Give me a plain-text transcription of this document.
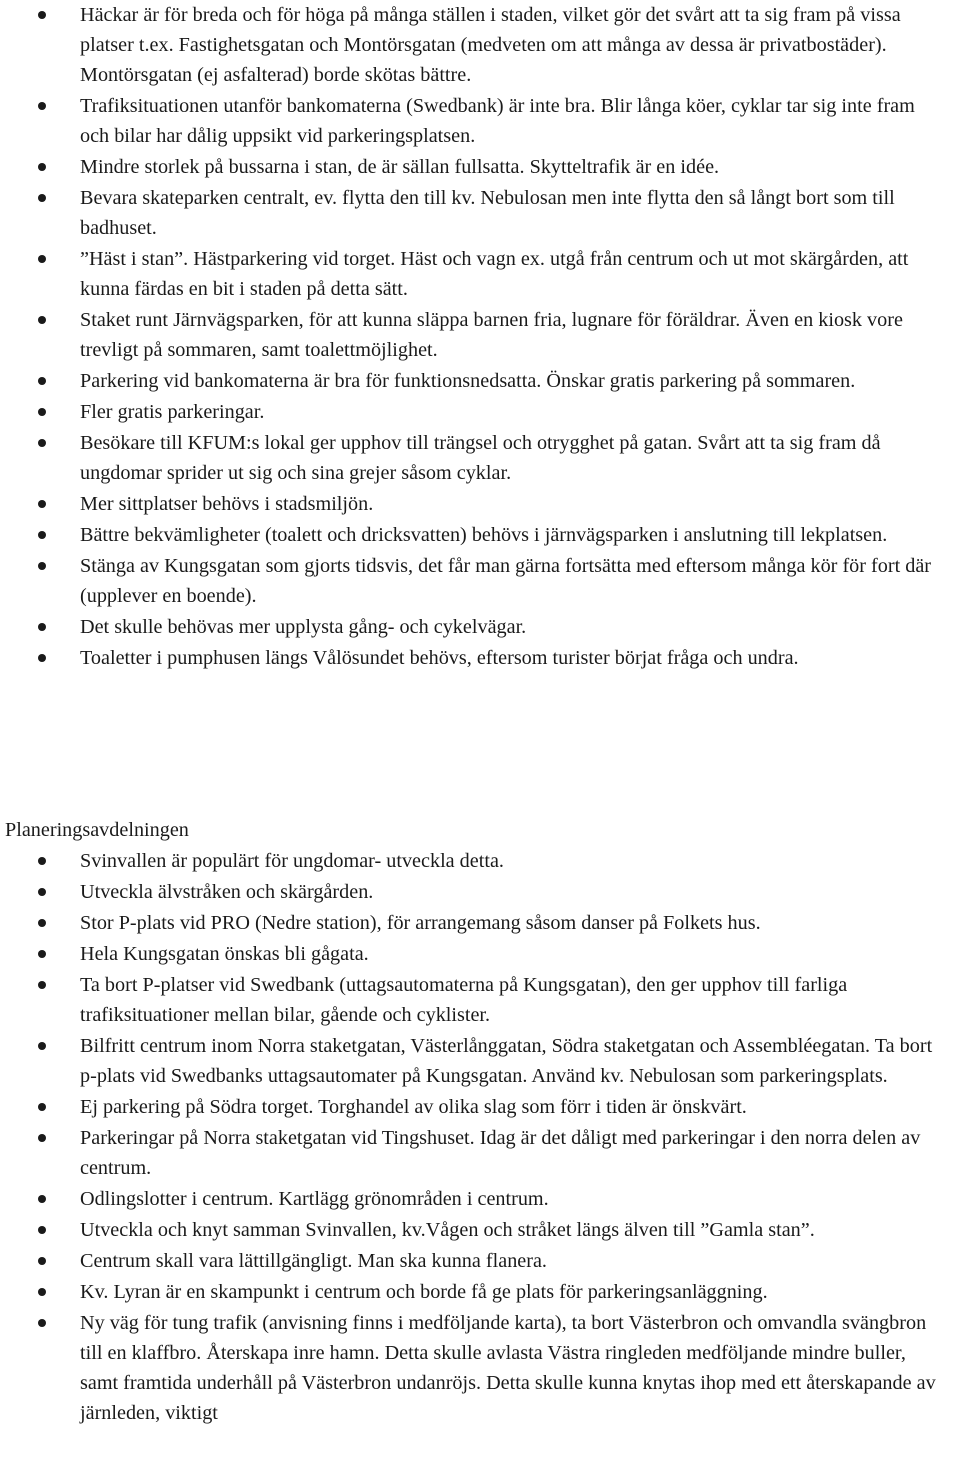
Häckar är för breda och för höga på många ställen i staden, vilket gör det svårt att ta sig fram på vissa platser t.ex. Fastighetsgatan och Montörsgatan (medveten om att många av dessa är privatbostäder). Montörsgatan (ej asfalterad) borde skötas bättre.
Trafiksituationen utanför bankomaterna (Swedbank) är inte bra. Blir långa köer, cyklar tar sig inte fram och bilar har dålig uppsikt vid parkeringsplatsen.
Mindre storlek på bussarna i stan, de är sällan fullsatta. Skytteltrafik är en idée.
Bevara skateparken centralt, ev. flytta den till kv. Nebulosan men inte flytta den så långt bort som till badhuset.
”Häst i stan”. Hästparkering vid torget. Häst och vagn ex. utgå från centrum och ut mot skärgården, att kunna färdas en bit i staden på detta sätt.
Staket runt Järnvägsparken, för att kunna släppa barnen fria, lugnare för föräldrar. Även en kiosk vore trevligt på sommaren, samt toalettmöjlighet.
Parkering vid bankomaterna är bra för funktionsnedsatta. Önskar gratis parkering på sommaren.
Fler gratis parkeringar.
Besökare till KFUM:s lokal ger upphov till trängsel och otrygghet på gatan. Svårt att ta sig fram då ungdomar sprider ut sig och sina grejer såsom cyklar.
Mer sittplatser behövs i stadsmiljön.
Bättre bekvämligheter (toalett och dricksvatten) behövs i järnvägsparken i anslutning till lekplatsen.
Stänga av Kungsgatan som gjorts tidsvis, det får man gärna fortsätta med eftersom många kör för fort där (upplever en boende).
Det skulle behövas mer upplysta gång- och cykelvägar.
Toaletter i pumphusen längs Vålösundet behövs, eftersom turister börjat fråga och undra.

Planeringsavdelningen

Svinvallen är populärt för ungdomar- utveckla detta.
Utveckla älvstråken och skärgården.
Stor P-plats vid PRO (Nedre station), för arrangemang såsom danser på Folkets hus.
Hela Kungsgatan önskas bli gågata.
Ta bort P-platser vid Swedbank (uttagsautomaterna på Kungsgatan), den ger upphov till farliga trafiksituationer mellan bilar, gående och cyklister.
Bilfritt centrum inom Norra staketgatan, Västerlånggatan, Södra staketgatan och Assembléegatan. Ta bort p-plats vid Swedbanks uttagsautomater på Kungsgatan. Använd kv. Nebulosan som parkeringsplats.
Ej parkering på Södra torget. Torghandel av olika slag som förr i tiden är önskvärt.
Parkeringar på Norra staketgatan vid Tingshuset. Idag är det dåligt med parkeringar i den norra delen av centrum.
Odlingslotter i centrum. Kartlägg grönområden i centrum.
Utveckla och knyt samman Svinvallen, kv.Vågen och stråket längs älven till ”Gamla stan”.
Centrum skall vara lättillgängligt. Man ska kunna flanera.
Kv. Lyran är en skampunkt i centrum och borde få ge plats för parkeringsanläggning.
Ny väg för tung trafik (anvisning finns i medföljande karta), ta bort Västerbron och omvandla svängbron till en klaffbro. Återskapa inre hamn. Detta skulle avlasta Västra ringleden medföljande mindre buller, samt framtida underhåll på Västerbron undanröjs. Detta skulle kunna knytas ihop med ett återskapande av järnleden, viktigt
